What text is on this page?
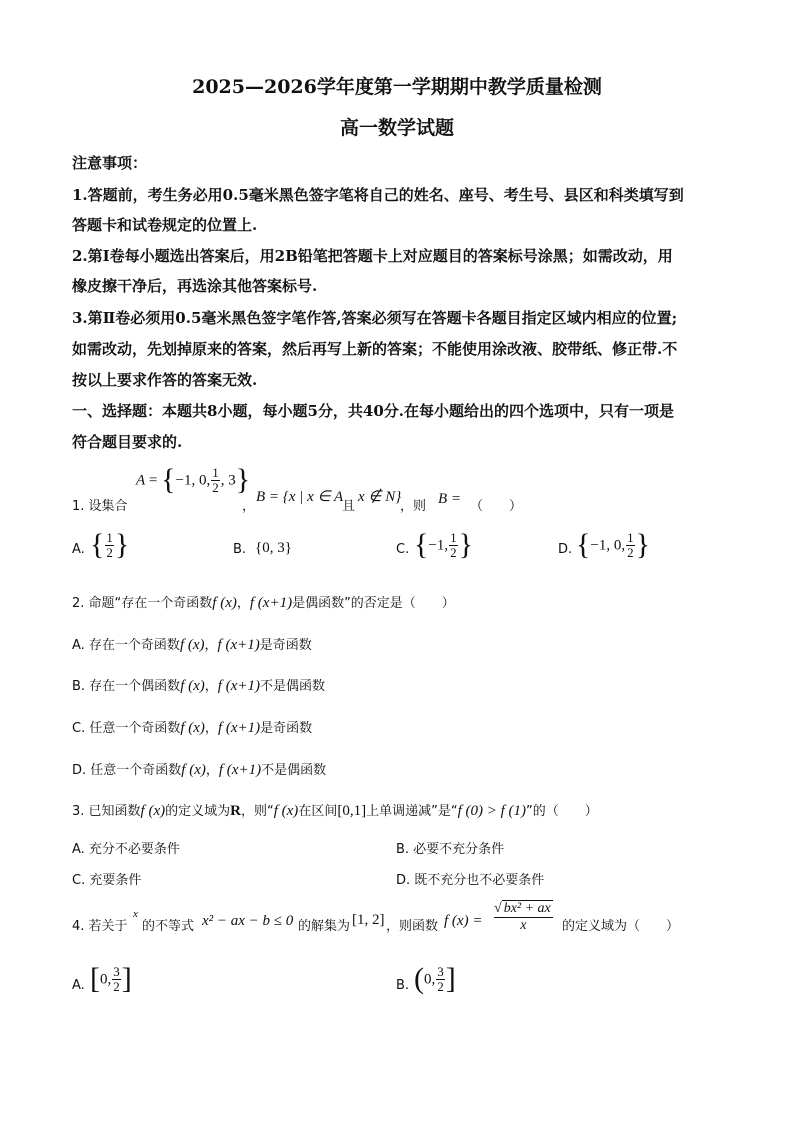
2025—2026学年度第一学期期中教学质量检测
高一数学试题
注意事项：
1.答题前，考生务必用0.5毫米黑色签字笔将自己的姓名、座号、考生号、县区和科类填写到
答题卡和试卷规定的位置上.
2.第Ⅰ卷每小题选出答案后，用2B铅笔把答题卡上对应题目的答案标号涂黑；如需改动，用
橡皮擦干净后，再选涂其他答案标号.
3.第Ⅱ卷必须用0.5毫米黑色签字笔作答,答案必须写在答题卡各题目指定区域内相应的位置;
如需改动，先划掉原来的答案，然后再写上新的答案；不能使用涂改液、胶带纸、修正带.不
按以上要求作答的答案无效.
一、选择题：本题共8小题，每小题5分，共40分.在每小题给出的四个选项中，只有一项是
符合题目要求的.
1. 设集合
A = {−1, 0, $\frac{1}{2}$ , 3}
，
B = {x | x ∈ A
且
x ∉ N}
，则 B = （　　）
A. { $\frac{1}{2}$ }	B. {0, 3}	C. {−1, $\frac{1}{2}$ }	D. {−1, 0, $\frac{1}{2}$ }
2. 命题“存在一个奇函数f (x)，f (x+1)是偶函数”的否定是（　　）
A. 存在一个奇函数f (x)，f (x+1)是奇函数
B. 存在一个偶函数f (x)，f (x+1)不是偶函数
C. 任意一个奇函数f (x)，f (x+1)是奇函数
D. 任意一个奇函数f (x)，f (x+1)不是偶函数
3. 已知函数f (x)的定义域为R，则“f (x)在区间[0,1]上单调递减”是“f (0) > f (1)”的（　　）
A. 充分不必要条件	B. 必要不充分条件
C. 充要条件	D. 既不充分也不必要条件
4. 若关于
x
的不等式 x² − ax − b ≤ 0 的解集为 [1, 2] ，则函数 f (x) =
√ bx² + ax
x	的定义域为（　　）
A. [0, $\frac{3}{2}$ ]	B. (0, $\frac{3}{2}$ ]
